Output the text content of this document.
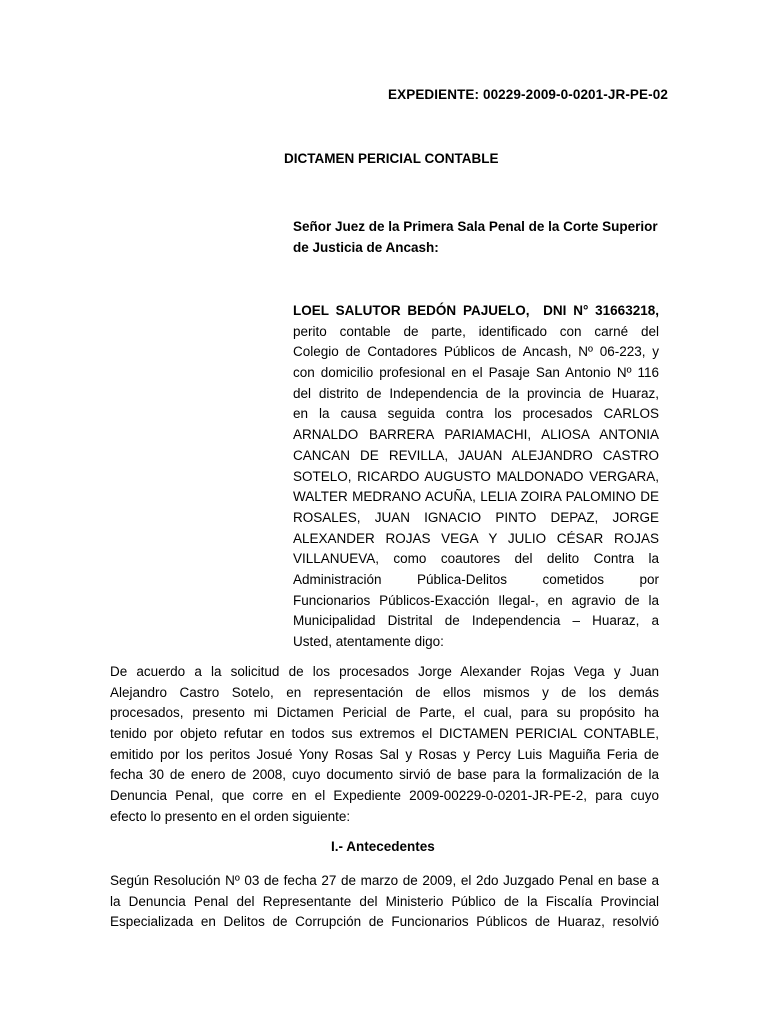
EXPEDIENTE: 00229-2009-0-0201-JR-PE-02
DICTAMEN PERICIAL CONTABLE
Señor Juez de la Primera Sala Penal de la Corte Superior
de Justicia de Ancash:
LOEL SALUTOR BEDÓN PAJUELO, DNI N° 31663218,
perito contable de parte, identificado con carné del
Colegio de Contadores Públicos de Ancash, Nº 06-223, y
con domicilio profesional en el Pasaje San Antonio Nº 116
del distrito de Independencia de la provincia de Huaraz,
en la causa seguida contra los procesados CARLOS
ARNALDO BARRERA PARIAMACHI, ALIOSA ANTONIA
CANCAN DE REVILLA, JAUAN ALEJANDRO CASTRO
SOTELO, RICARDO AUGUSTO MALDONADO VERGARA,
WALTER MEDRANO ACUÑA, LELIA ZOIRA PALOMINO DE
ROSALES, JUAN IGNACIO PINTO DEPAZ, JORGE
ALEXANDER ROJAS VEGA Y JULIO CÉSAR ROJAS
VILLANUEVA, como coautores del delito Contra la
Administración Pública-Delitos cometidos por
Funcionarios Públicos-Exacción Ilegal-, en agravio de la
Municipalidad Distrital de Independencia – Huaraz, a
Usted, atentamente digo:
De acuerdo a la solicitud de los procesados Jorge Alexander Rojas Vega y Juan
Alejandro Castro Sotelo, en representación de ellos mismos y de los demás
procesados, presento mi Dictamen Pericial de Parte, el cual, para su propósito ha
tenido por objeto refutar en todos sus extremos el DICTAMEN PERICIAL CONTABLE,
emitido por los peritos Josué Yony Rosas Sal y Rosas y Percy Luis Maguiña Feria de
fecha 30 de enero de 2008, cuyo documento sirvió de base para la formalización de la
Denuncia Penal, que corre en el Expediente 2009-00229-0-0201-JR-PE-2, para cuyo
efecto lo presento en el orden siguiente:
I.- Antecedentes
Según Resolución Nº 03 de fecha 27 de marzo de 2009, el 2do Juzgado Penal en base a
la Denuncia Penal del Representante del Ministerio Público de la Fiscalía Provincial
Especializada en Delitos de Corrupción de Funcionarios Públicos de Huaraz, resolvió
